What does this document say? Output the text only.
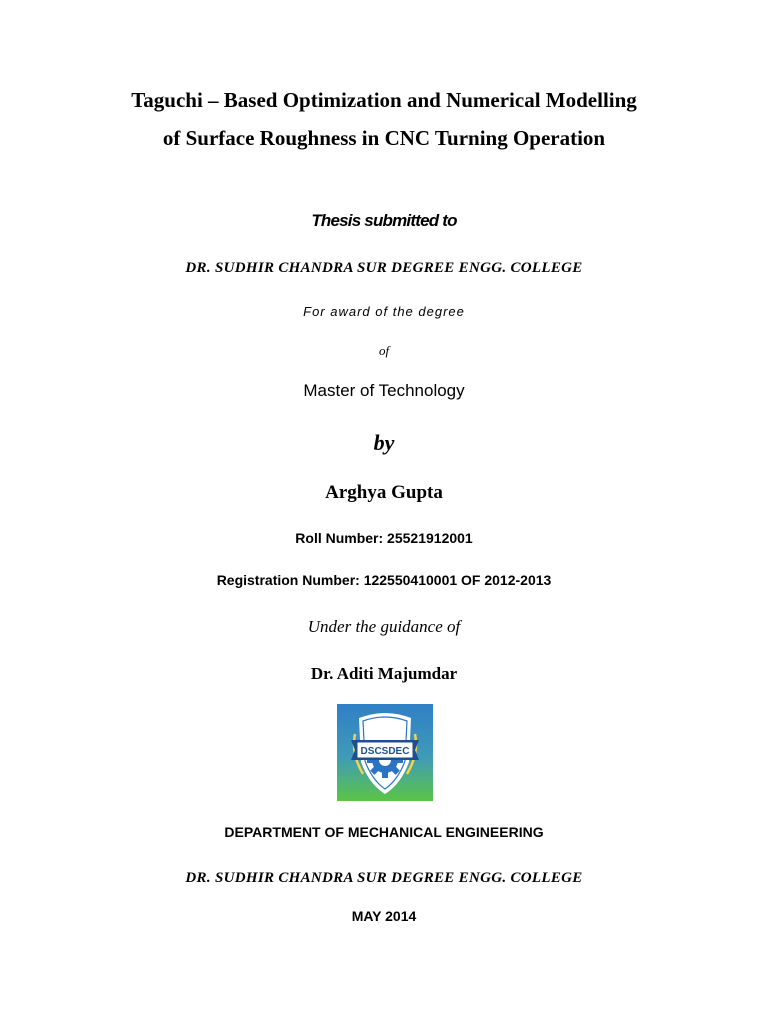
Taguchi – Based Optimization and Numerical Modelling
of Surface Roughness in CNC Turning Operation
Thesis submitted to
DR. SUDHIR CHANDRA SUR DEGREE ENGG. COLLEGE
For award of the degree
of
Master of Technology
by
Arghya Gupta
Roll Number: 25521912001
Registration Number: 122550410001 OF 2012-2013
Under the guidance of
Dr. Aditi Majumdar
DSCSDEC
DEPARTMENT OF MECHANICAL ENGINEERING
DR. SUDHIR CHANDRA SUR DEGREE ENGG. COLLEGE
MAY 2014
